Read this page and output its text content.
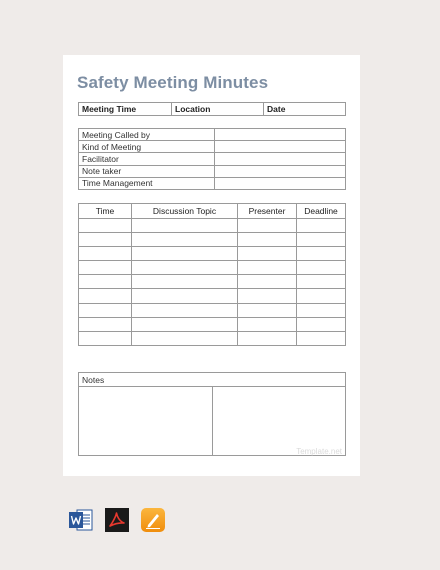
Safety Meeting Minutes
Meeting Time	Location	Date
Meeting Called by	
Kind of Meeting	
Facilitator	
Note taker	
Time Management	
Time	Discussion Topic	Presenter	Deadline

Notes
Template.net
